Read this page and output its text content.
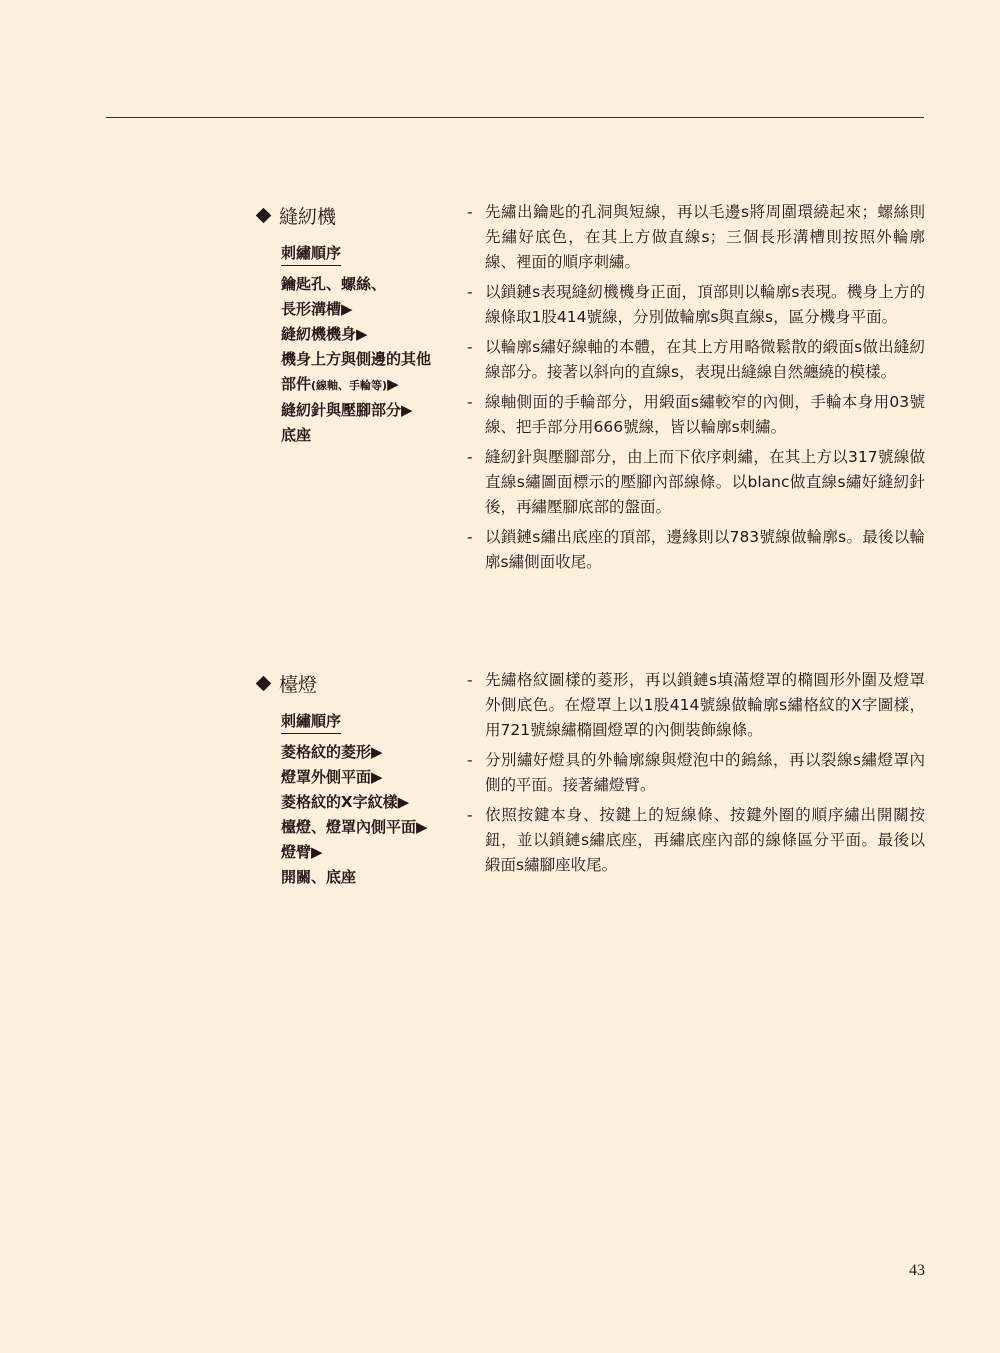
縫紉機
刺繡順序
鑰匙孔、螺絲、
長形溝槽▶
縫紉機機身▶
機身上方與側邊的其他
部件(線軸、手輪等)▶
縫紉針與壓腳部分▶
底座
- 先繡出鑰匙的孔洞與短線，再以毛邊s將周圍環繞起來；螺絲則先繡好底色，在其上方做直線s；三個長形溝槽則按照外輪廓線、裡面的順序刺繡。
- 以鎖鏈s表現縫紉機機身正面，頂部則以輪廓s表現。機身上方的線條取1股414號線，分別做輪廓s與直線s，區分機身平面。
- 以輪廓s繡好線軸的本體，在其上方用略微鬆散的緞面s做出縫紉線部分。接著以斜向的直線s，表現出縫線自然纏繞的模樣。
- 線軸側面的手輪部分，用緞面s繡較窄的內側，手輪本身用03號線、把手部分用666號線，皆以輪廓s刺繡。
- 縫紉針與壓腳部分，由上而下依序刺繡，在其上方以317號線做直線s繡圖面標示的壓腳內部線條。以blanc做直線s繡好縫紉針後，再繡壓腳底部的盤面。
- 以鎖鏈s繡出底座的頂部，邊緣則以783號線做輪廓s。最後以輪廓s繡側面收尾。
檯燈
刺繡順序
菱格紋的菱形▶
燈罩外側平面▶
菱格紋的X字紋樣▶
檯燈、燈罩內側平面▶
燈臂▶
開關、底座
- 先繡格紋圖樣的菱形，再以鎖鏈s填滿燈罩的橢圓形外圍及燈罩外側底色。在燈罩上以1股414號線做輪廓s繡格紋的X字圖樣，用721號線繡橢圓燈罩的內側裝飾線條。
- 分別繡好燈具的外輪廓線與燈泡中的鎢絲，再以裂線s繡燈罩內側的平面。接著繡燈臂。
- 依照按鍵本身、按鍵上的短線條、按鍵外圈的順序繡出開關按鈕，並以鎖鏈s繡底座，再繡底座內部的線條區分平面。最後以緞面s繡腳座收尾。
43
